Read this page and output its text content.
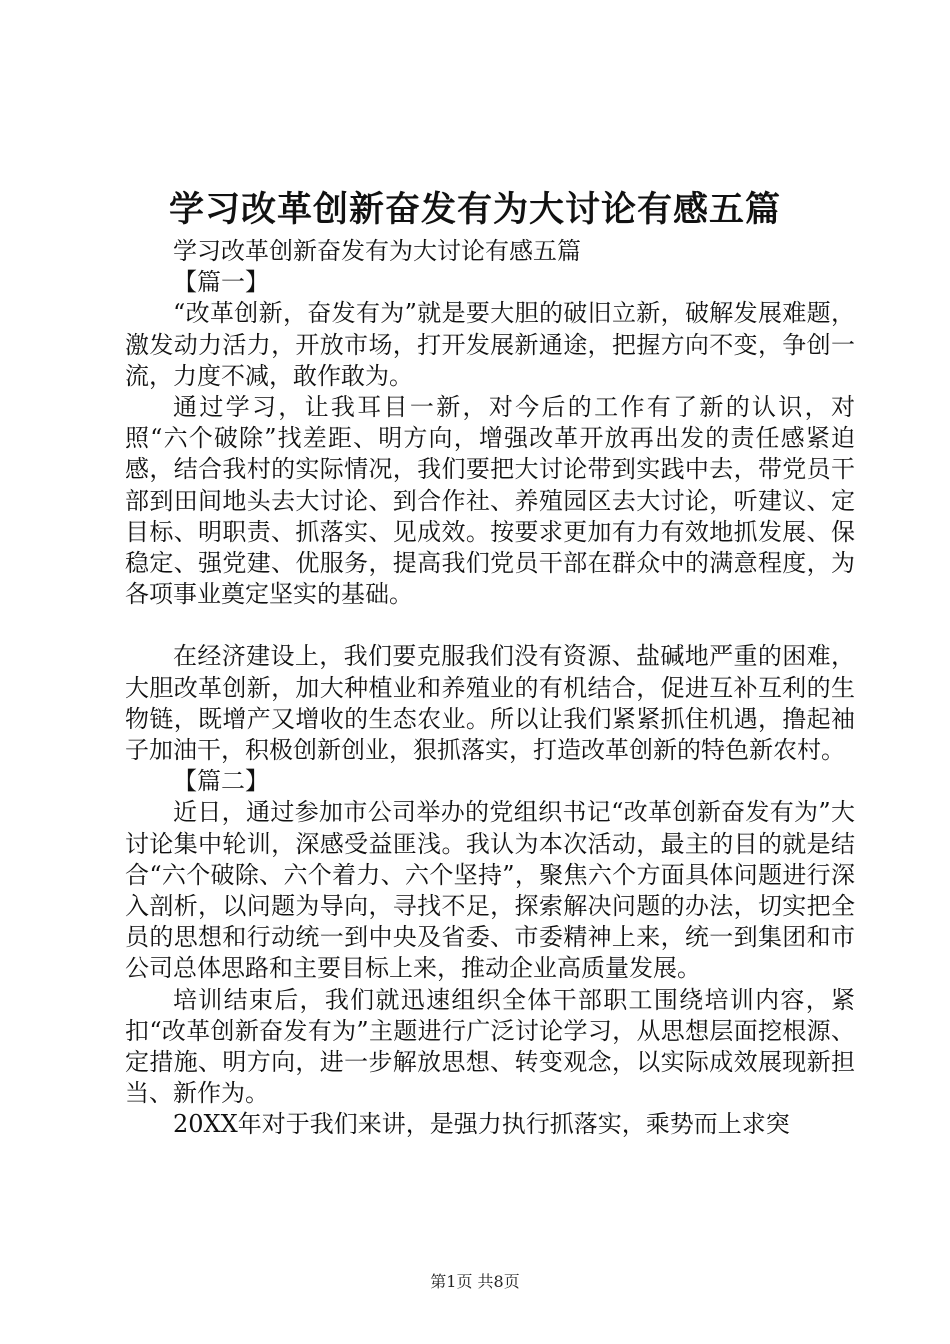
学习改革创新奋发有为大讨论有感五篇

学习改革创新奋发有为大讨论有感五篇

【篇一】

“改革创新，奋发有为”就是要大胆的破旧立新，破解发展难题，激发动力活力，开放市场，打开发展新通途，把握方向不变，争创一流，力度不减，敢作敢为。

通过学习，让我耳目一新，对今后的工作有了新的认识，对照“六个破除”找差距、明方向，增强改革开放再出发的责任感紧迫感，结合我村的实际情况，我们要把大讨论带到实践中去，带党员干部到田间地头去大讨论、到合作社、养殖园区去大讨论，听建议、定目标、明职责、抓落实、见成效。按要求更加有力有效地抓发展、保稳定、强党建、优服务，提高我们党员干部在群众中的满意程度，为各项事业奠定坚实的基础。

在经济建设上，我们要克服我们没有资源、盐碱地严重的困难，大胆改革创新，加大种植业和养殖业的有机结合，促进互补互利的生物链，既增产又增收的生态农业。所以让我们紧紧抓住机遇，撸起袖子加油干，积极创新创业，狠抓落实，打造改革创新的特色新农村。

【篇二】

近日，通过参加市公司举办的党组织书记“改革创新奋发有为”大讨论集中轮训，深感受益匪浅。我认为本次活动，最主的目的就是结合“六个破除、六个着力、六个坚持”，聚焦六个方面具体问题进行深入剖析，以问题为导向，寻找不足，探索解决问题的办法，切实把全员的思想和行动统一到中央及省委、市委精神上来，统一到集团和市公司总体思路和主要目标上来，推动企业高质量发展。

培训结束后，我们就迅速组织全体干部职工围绕培训内容，紧扣“改革创新奋发有为”主题进行广泛讨论学习，从思想层面挖根源、定措施、明方向，进一步解放思想、转变观念，以实际成效展现新担当、新作为。

20XX年对于我们来讲，是强力执行抓落实，乘势而上求突

第1页 共8页
